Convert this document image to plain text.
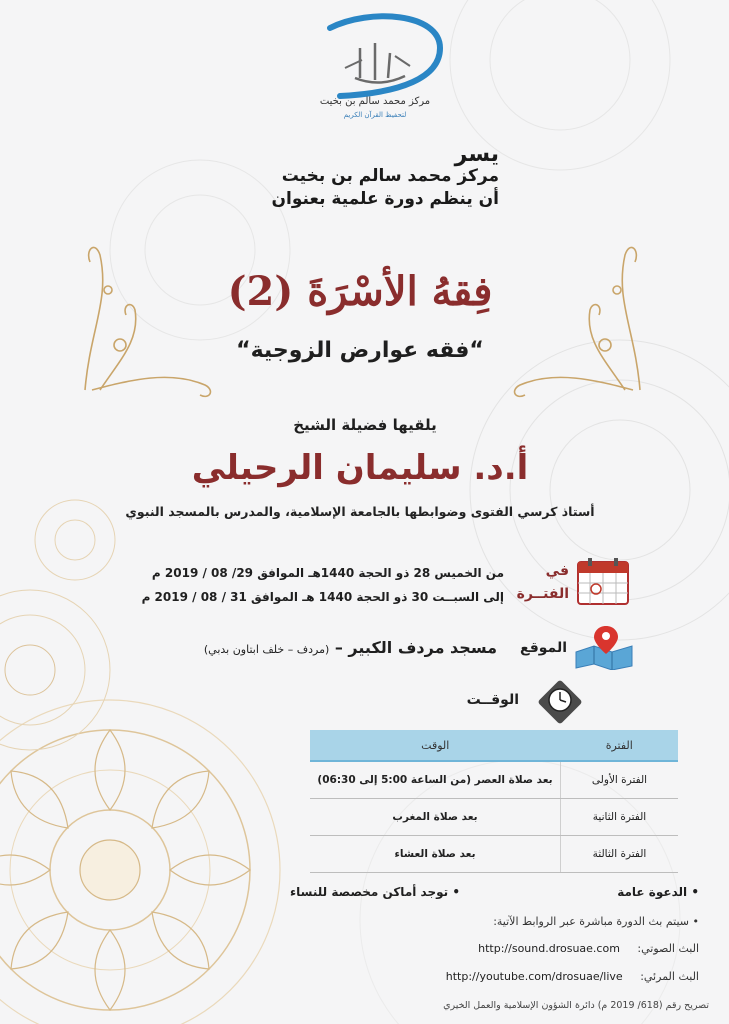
مركز محمد سالم بن بخيت
لتحفيظ القرآن الكريم
يسر
مركز محمد سالم بن بخيت
أن ينظم دورة علمية بعنوان
فِقهُ الأسْرَةَ (2)
“فقه عوارض الزوجية“
يلقيها فضيلة الشيخ
أ.د. سليمان الرحيلي
أستاذ كرسي الفتوى وضوابطها بالجامعة الإسلامية، والمدرس بالمسجد النبوي
في
الفتــرة
من الخميس 28 ذو الحجة 1440هـ الموافق 29/ 08 / 2019 م
إلى السبــت 30 ذو الحجة 1440 هـ الموافق 31 / 08 / 2019 م
الموقع
مسجد مردف الكبير – (مردف – خلف ابتاون بدبي)
الوقــت
الفترة	الوقت
الفترة الأولى	بعد صلاة العصر (من الساعة 5:00 إلى 06:30)
الفترة الثانية	بعد صلاة المغرب
الفترة الثالثة	بعد صلاة العشاء
• الدعوة عامة
• توجد أماكن مخصصة للنساء
• سيتم بث الدورة مباشرة عبر الروابط الآتية:
البث الصوتي:     http://sound.drosuae.com
البث المرئي:     http://youtube.com/drosuae/live
تصريح رقم (618/ 2019 م) دائرة الشؤون الإسلامية والعمل الخيري
